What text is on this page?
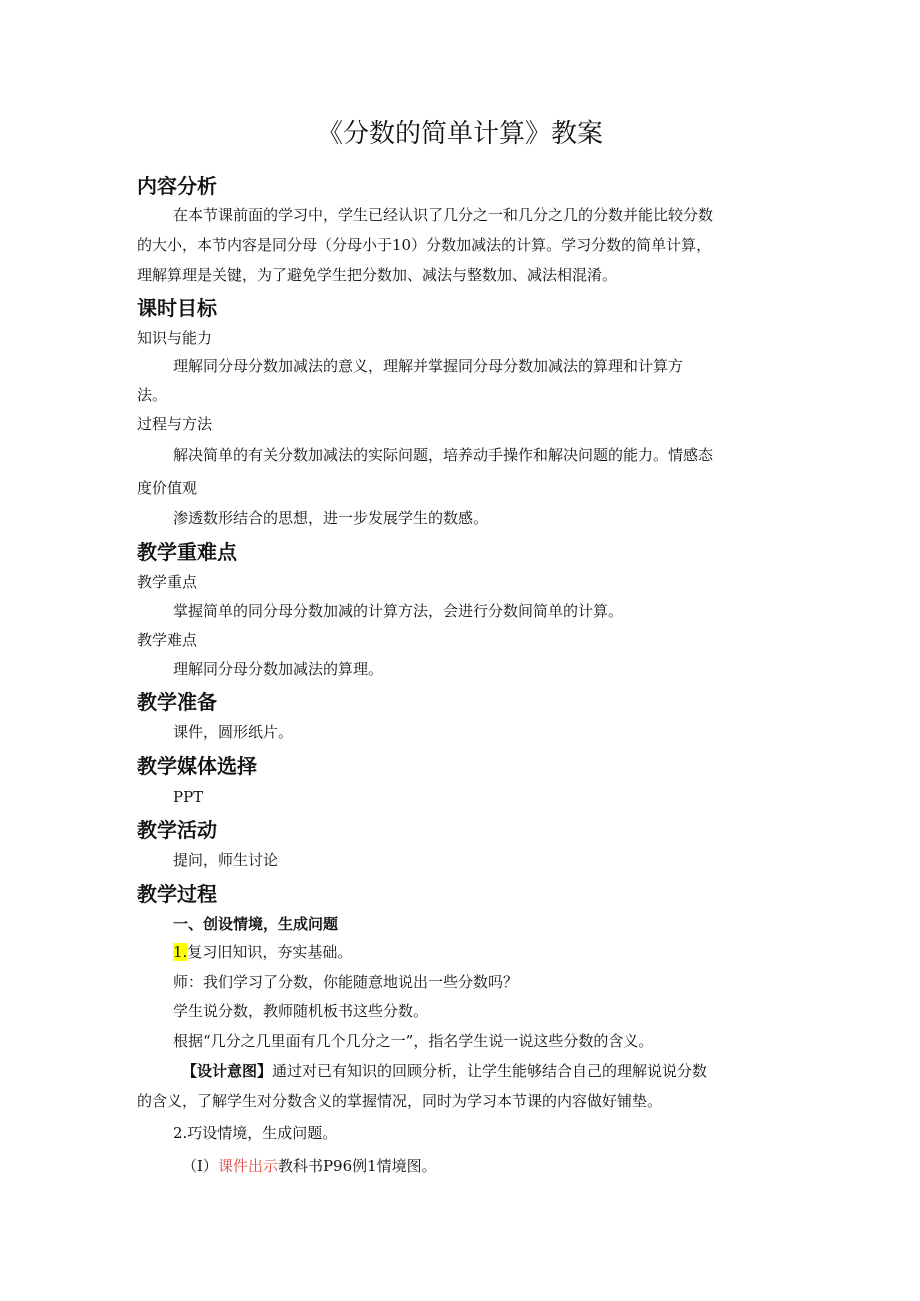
《分数的简单计算》教案
内容分析
在本节课前面的学习中，学生已经认识了几分之一和几分之几的分数并能比较分数
的大小，本节内容是同分母（分母小于10）分数加减法的计算。学习分数的简单计算，
理解算理是关键，为了避免学生把分数加、减法与整数加、减法相混淆。
课时目标
知识与能力
理解同分母分数加减法的意义，理解并掌握同分母分数加减法的算理和计算方
法。
过程与方法
解决简单的有关分数加减法的实际问题，培养动手操作和解决问题的能力。情感态
度价值观
渗透数形结合的思想，进一步发展学生的数感。
教学重难点
教学重点
掌握简单的同分母分数加减的计算方法，会进行分数间简单的计算。
教学难点
理解同分母分数加减法的算理。
教学准备
课件，圆形纸片。
教学媒体选择
PPT
教学活动
提问，师生讨论
教学过程
一、创设情境，生成问题
1.复习旧知识，夯实基础。
师：我们学习了分数，你能随意地说出一些分数吗？
学生说分数，教师随机板书这些分数。
根据“几分之几里面有几个几分之一”，指名学生说一说这些分数的含义。
【设计意图】通过对已有知识的回顾分析，让学生能够结合自己的理解说说分数
的含义，了解学生对分数含义的掌握情况，同时为学习本节课的内容做好铺垫。
2.巧设情境，生成问题。
（I）课件出示教科书P96例1情境图。
